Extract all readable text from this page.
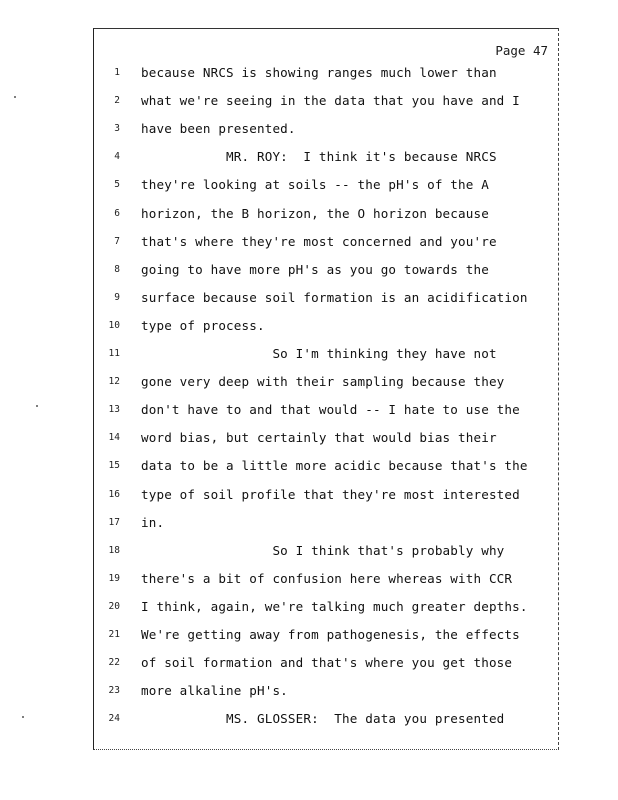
Page 47
1 because NRCS is showing ranges much lower than
2 what we're seeing in the data that you have and I
3 have been presented.
4 MR. ROY:  I think it's because NRCS
5 they're looking at soils -- the pH's of the A
6 horizon, the B horizon, the O horizon because
7 that's where they're most concerned and you're
8 going to have more pH's as you go towards the
9 surface because soil formation is an acidification
10 type of process.
11 So I'm thinking they have not
12 gone very deep with their sampling because they
13 don't have to and that would -- I hate to use the
14 word bias, but certainly that would bias their
15 data to be a little more acidic because that's the
16 type of soil profile that they're most interested
17 in.
18 So I think that's probably why
19 there's a bit of confusion here whereas with CCR
20 I think, again, we're talking much greater depths.
21 We're getting away from pathogenesis, the effects
22 of soil formation and that's where you get those
23 more alkaline pH's.
24 MS. GLOSSER:  The data you presented
